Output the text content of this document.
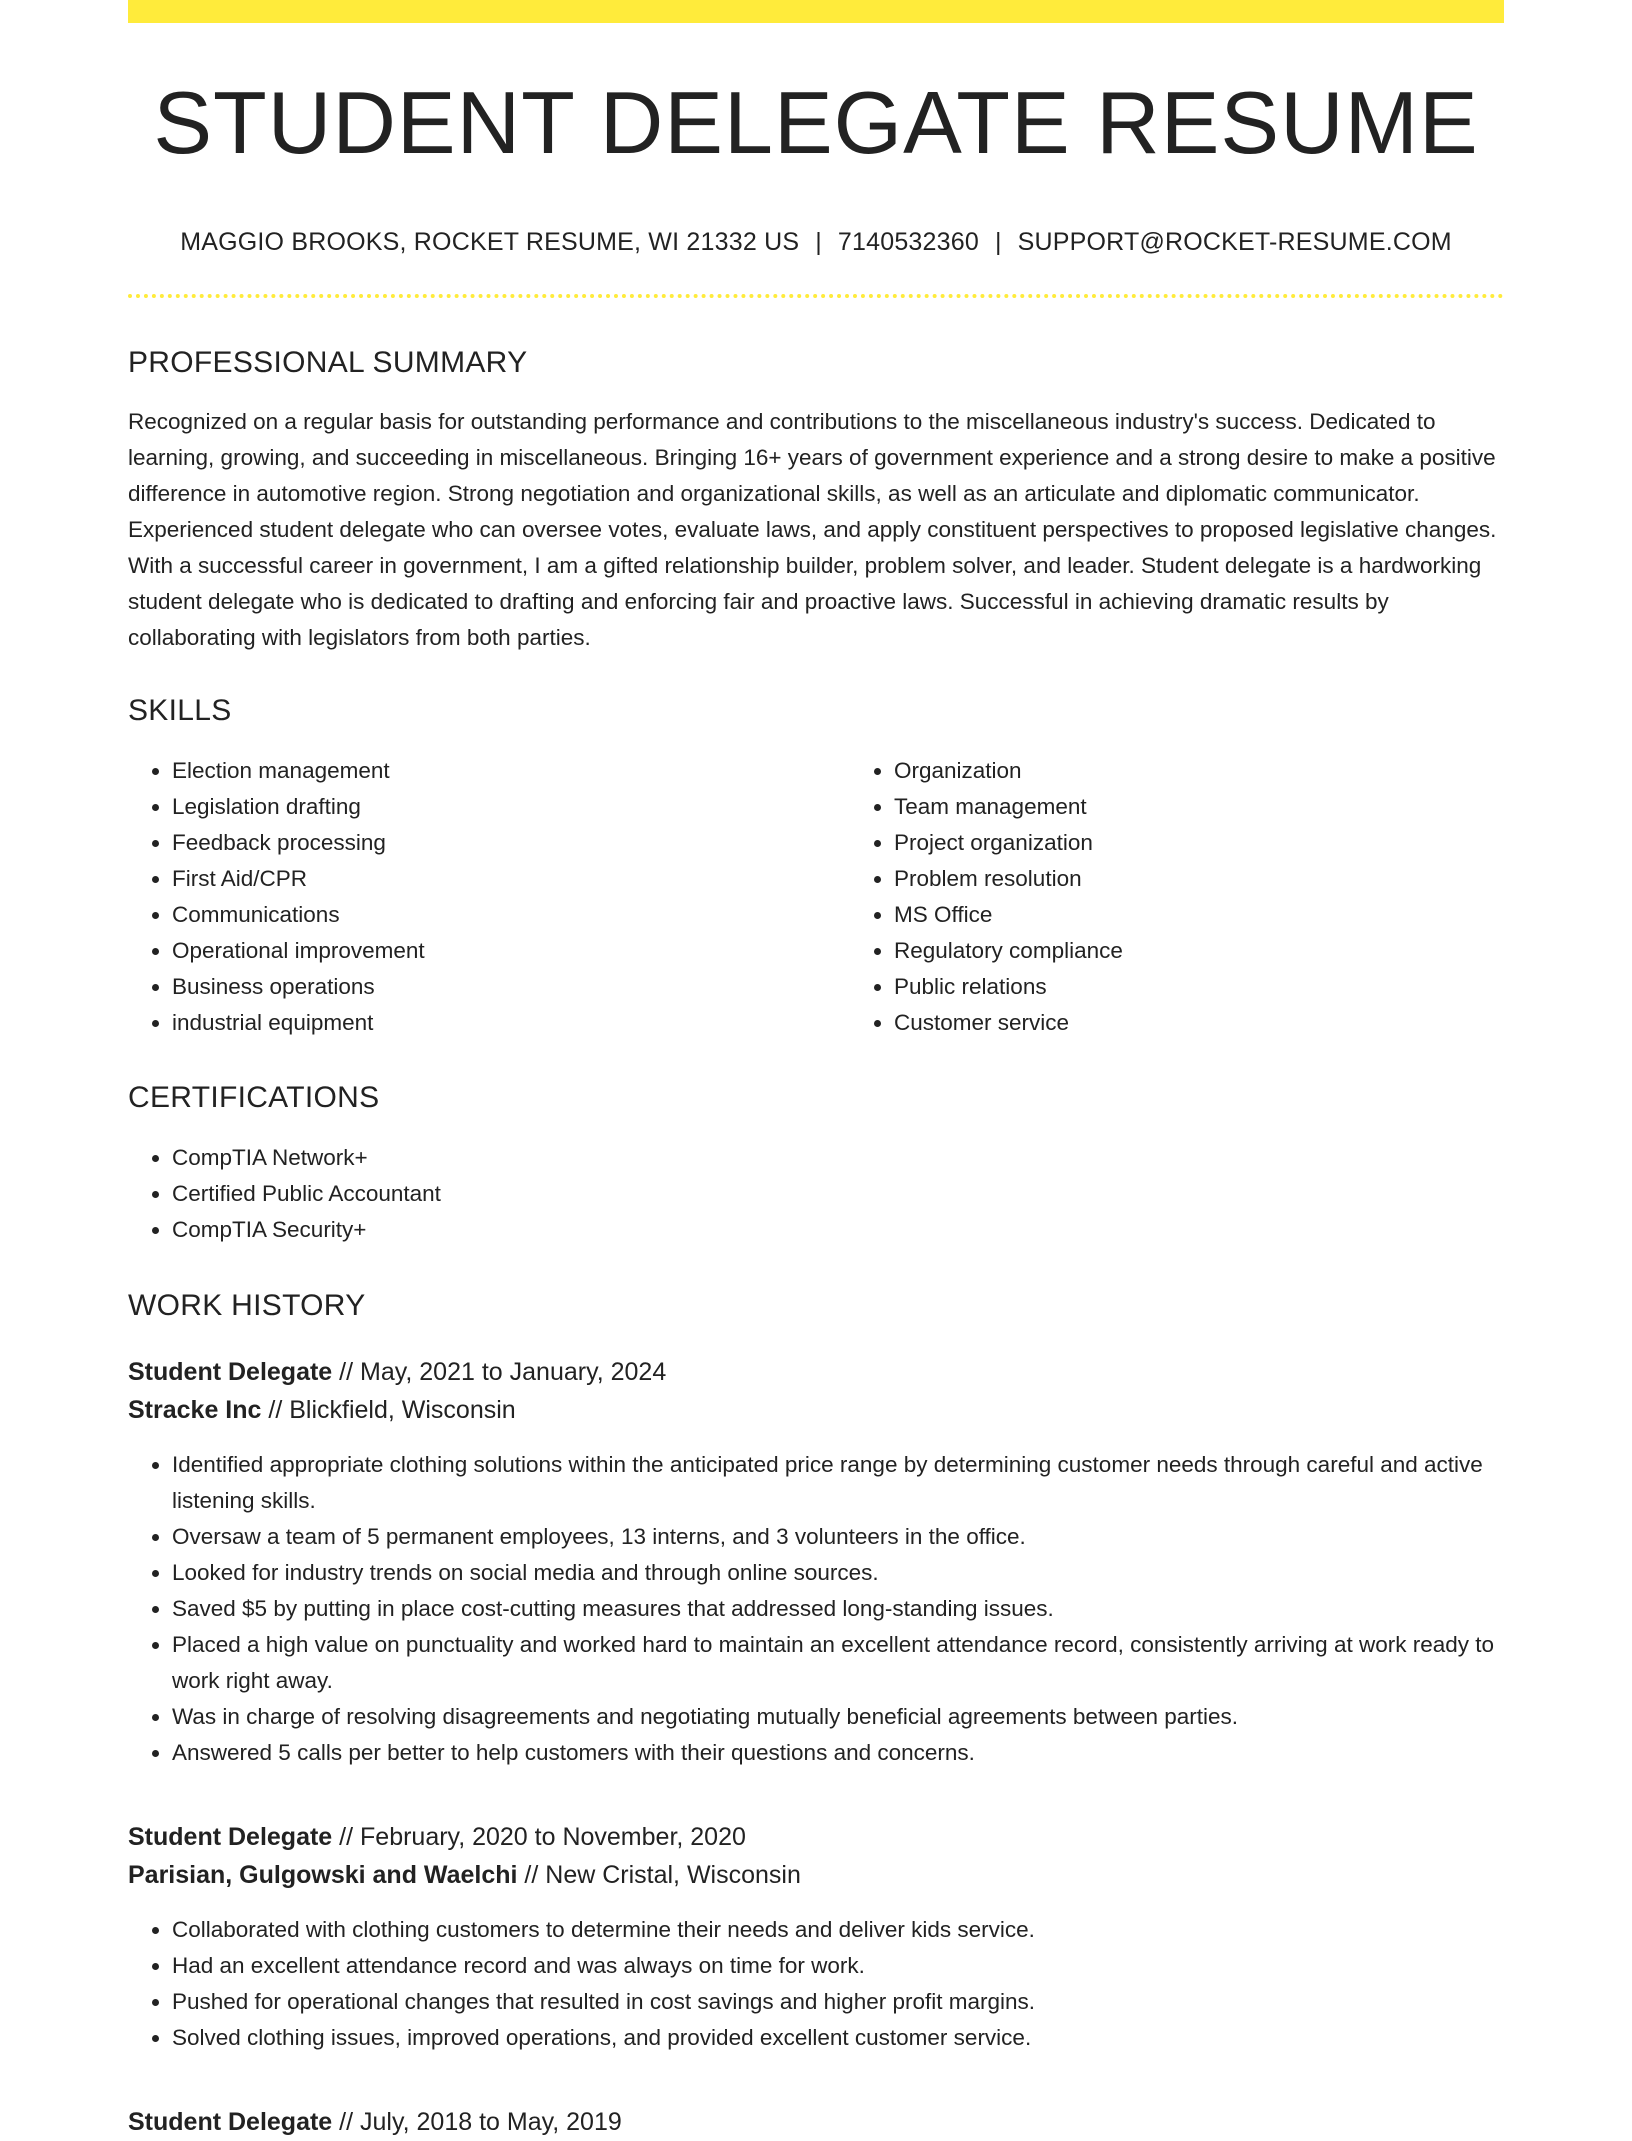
STUDENT DELEGATE RESUME
MAGGIO BROOKS, ROCKET RESUME, WI 21332 US | 7140532360 | SUPPORT@ROCKET-RESUME.COM
PROFESSIONAL SUMMARY

Recognized on a regular basis for outstanding performance and contributions to the miscellaneous industry's success. Dedicated to learning, growing, and succeeding in miscellaneous. Bringing 16+ years of government experience and a strong desire to make a positive difference in automotive region. Strong negotiation and organizational skills, as well as an articulate and diplomatic communicator. Experienced student delegate who can oversee votes, evaluate laws, and apply constituent perspectives to proposed legislative changes. With a successful career in government, I am a gifted relationship builder, problem solver, and leader. Student delegate is a hardworking student delegate who is dedicated to drafting and enforcing fair and proactive laws. Successful in achieving dramatic results by collaborating with legislators from both parties.

SKILLS
• Election management
• Legislation drafting
• Feedback processing
• First Aid/CPR
• Communications
• Operational improvement
• Business operations
• industrial equipment
• Organization
• Team management
• Project organization
• Problem resolution
• MS Office
• Regulatory compliance
• Public relations
• Customer service
CERTIFICATIONS
• CompTIA Network+
• Certified Public Accountant
• CompTIA Security+
WORK HISTORY
Student Delegate // May, 2021 to January, 2024
Stracke Inc // Blickfield, Wisconsin
• Identified appropriate clothing solutions within the anticipated price range by determining customer needs through careful and active listening skills.
• Oversaw a team of 5 permanent employees, 13 interns, and 3 volunteers in the office.
• Looked for industry trends on social media and through online sources.
• Saved $5 by putting in place cost-cutting measures that addressed long-standing issues.
• Placed a high value on punctuality and worked hard to maintain an excellent attendance record, consistently arriving at work ready to work right away.
• Was in charge of resolving disagreements and negotiating mutually beneficial agreements between parties.
• Answered 5 calls per better to help customers with their questions and concerns.
Student Delegate // February, 2020 to November, 2020
Parisian, Gulgowski and Waelchi // New Cristal, Wisconsin
• Collaborated with clothing customers to determine their needs and deliver kids service.
• Had an excellent attendance record and was always on time for work.
• Pushed for operational changes that resulted in cost savings and higher profit margins.
• Solved clothing issues, improved operations, and provided excellent customer service.
Student Delegate // July, 2018 to May, 2019
